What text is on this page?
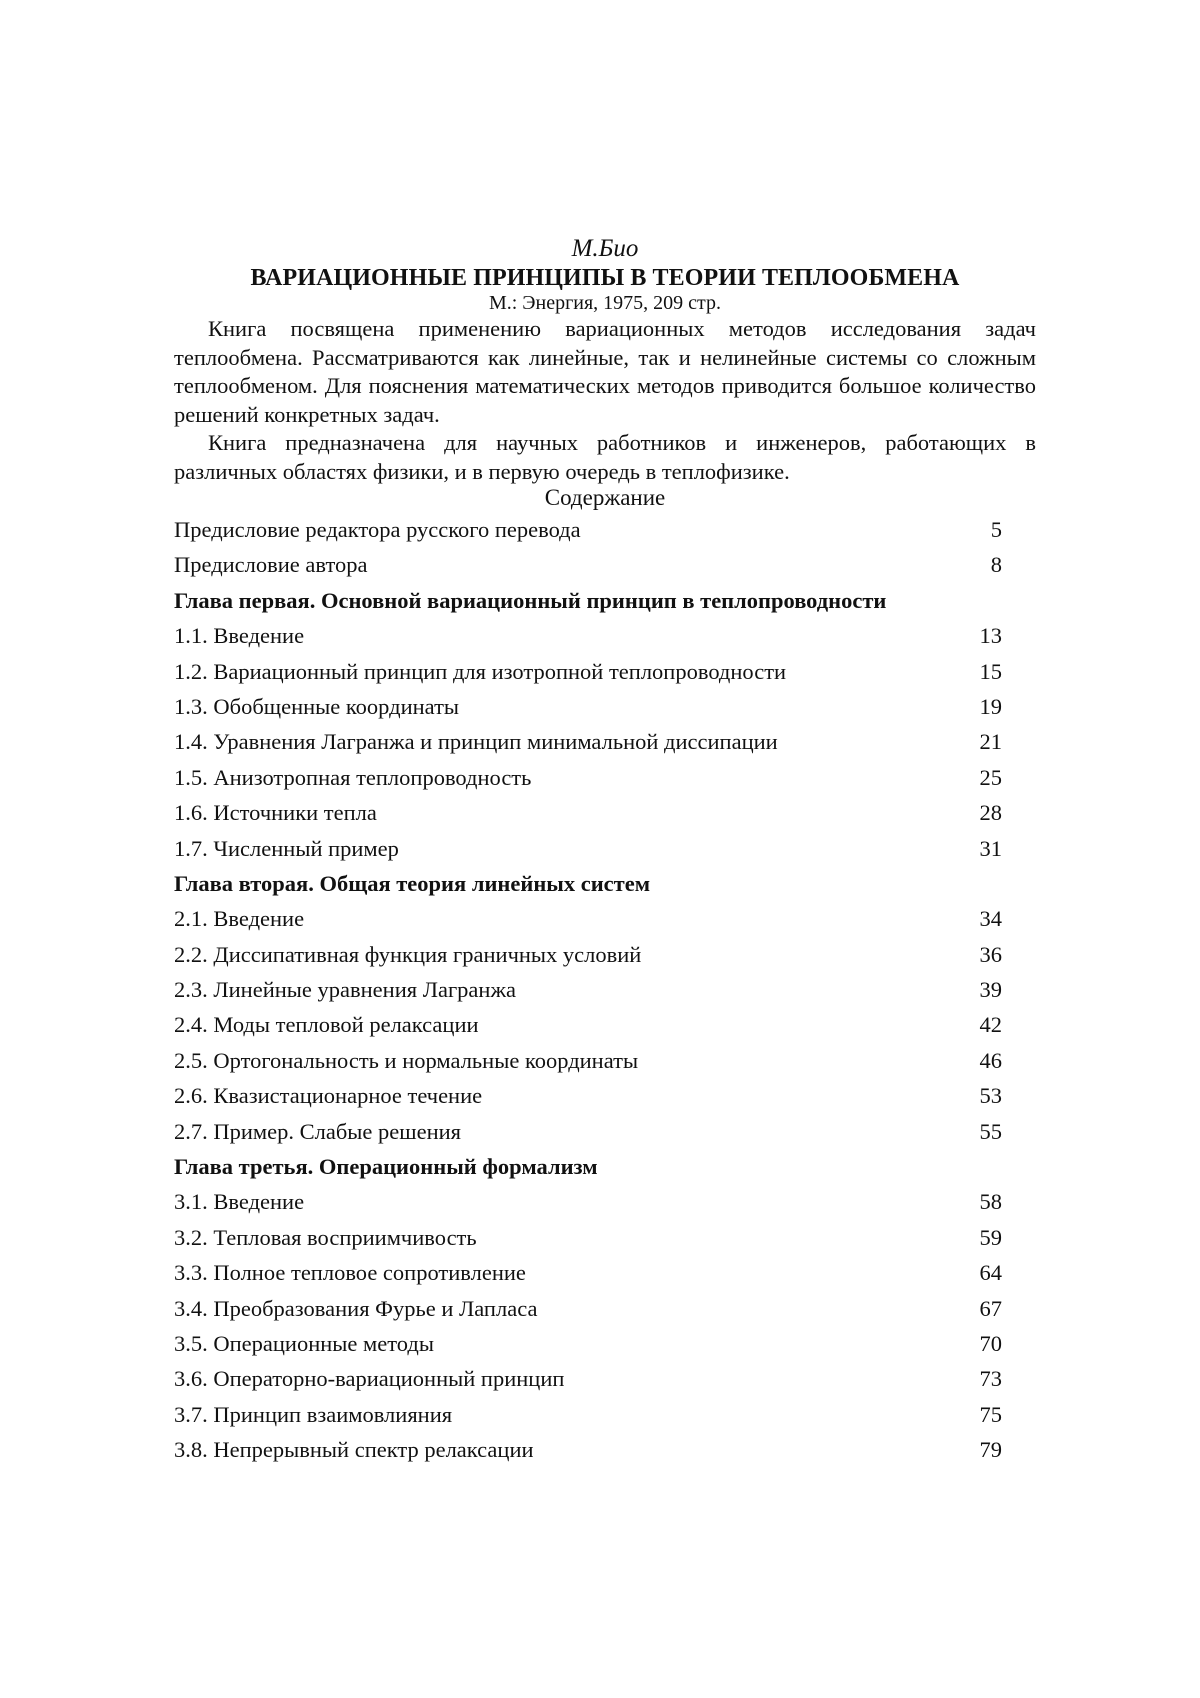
М.Био
ВАРИАЦИОННЫЕ ПРИНЦИПЫ В ТЕОРИИ ТЕПЛООБМЕНА
М.: Энергия, 1975, 209 стр.

Книга посвящена применению вариационных методов исследования задач теплообмена. Рассматриваются как линейные, так и нелинейные системы со сложным теплообменом. Для пояснения математических методов приводится большое количество решений конкретных задач.

Книга предназначена для научных работников и инженеров, работающих в различных областях физики, и в первую очередь в теплофизике.

Содержание
Предисловие редактора русского перевода	5
Предисловие автора	8
Глава первая. Основной вариационный принцип в теплопроводности
1.1. Введение	13
1.2. Вариационный принцип для изотропной теплопроводности	15
1.3. Обобщенные координаты	19
1.4. Уравнения Лагранжа и принцип минимальной диссипации	21
1.5. Анизотропная теплопроводность	25
1.6. Источники тепла	28
1.7. Численный пример	31
Глава вторая. Общая теория линейных систем
2.1. Введение	34
2.2. Диссипативная функция граничных условий	36
2.3. Линейные уравнения Лагранжа	39
2.4. Моды тепловой релаксации	42
2.5. Ортогональность и нормальные координаты	46
2.6. Квазистационарное течение	53
2.7. Пример. Слабые решения	55
Глава третья. Операционный формализм
3.1. Введение	58
3.2. Тепловая восприимчивость	59
3.3. Полное тепловое сопротивление	64
3.4. Преобразования Фурье и Лапласа	67
3.5. Операционные методы	70
3.6. Операторно-вариационный принцип	73
3.7. Принцип взаимовлияния	75
3.8. Непрерывный спектр релаксации	79
